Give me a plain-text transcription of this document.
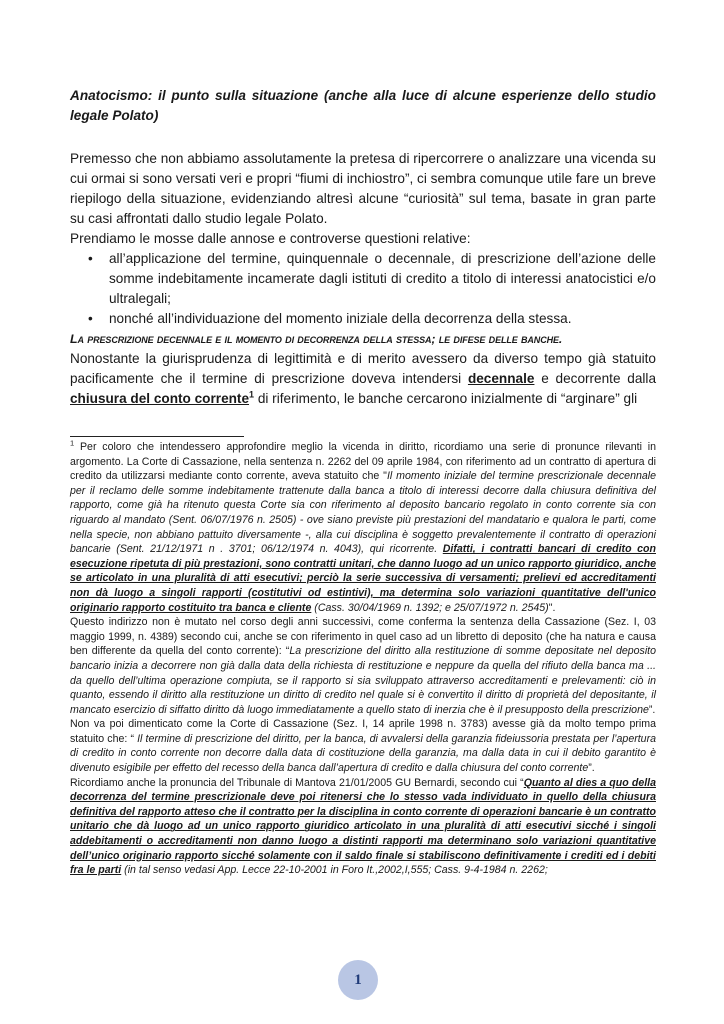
Anatocismo: il punto sulla situazione (anche alla luce di alcune esperienze dello studio legale Polato)

Premesso che non abbiamo assolutamente la pretesa di ripercorrere o analizzare una vicenda su cui ormai si sono versati veri e propri “fiumi di inchiostro”, ci sembra comunque utile fare un breve riepilogo della situazione, evidenziando altresì alcune “curiosità” sul tema, basate in gran parte su casi affrontati dallo studio legale Polato.

Prendiamo le mosse dalle annose e controverse questioni relative:

• all’applicazione del termine, quinquennale o decennale, di prescrizione dell’azione delle somme indebitamente incamerate dagli istituti di credito a titolo di interessi anatocistici e/o ultralegali;
• nonché all’individuazione del momento iniziale della decorrenza della stessa.

La prescrizione decennale e il momento di decorrenza della stessa; le difese delle banche.

Nonostante la giurisprudenza di legittimità e di merito avessero da diverso tempo già statuito pacificamente che il termine di prescrizione doveva intendersi decennale e decorrente dalla chiusura del conto corrente$^1$ di riferimento, le banche cercarono inizialmente di “arginare” gli

$^1$ Per coloro che intendessero approfondire meglio la vicenda in diritto, ricordiamo una serie di pronunce rilevanti in argomento. La Corte di Cassazione, nella sentenza n. 2262 del 09 aprile 1984, con riferimento ad un contratto di apertura di credito da utilizzarsi mediante conto corrente, aveva statuito che "Il momento iniziale del termine prescrizionale decennale per il reclamo delle somme indebitamente trattenute dalla banca a titolo di interessi decorre dalla chiusura definitiva del rapporto, come già ha ritenuto questa Corte sia con riferimento al deposito bancario regolato in conto corrente sia con riguardo al mandato (Sent. 06/07/1976 n. 2505) - ove siano previste più prestazioni del mandatario e qualora le parti, come nella specie, non abbiano pattuito diversamente -, alla cui disciplina è soggetto prevalentemente il contratto di operazioni bancarie (Sent. 21/12/1971 n . 3701; 06/12/1974 n. 4043), qui ricorrente. Difatti, i contratti bancari di credito con esecuzione ripetuta di più prestazioni, sono contratti unitari, che danno luogo ad un unico rapporto giuridico, anche se articolato in una pluralità di atti esecutivi; perciò la serie successiva di versamenti; prelievi ed accreditamenti non dà luogo a singoli rapporti (costitutivi od estintivi), ma determina solo variazioni quantitative dell'unico originario rapporto costituito tra banca e cliente (Cass. 30/04/1969 n. 1392; e 25/07/1972 n. 2545)".

Questo indirizzo non è mutato nel corso degli anni successivi, come conferma la sentenza della Cassazione (Sez. I, 03 maggio 1999, n. 4389) secondo cui, anche se con riferimento in quel caso ad un libretto di deposito (che ha natura e causa ben differente da quella del conto corrente): “La prescrizione del diritto alla restituzione di somme depositate nel deposito bancario inizia a decorrere non già dalla data della richiesta di restituzione e neppure da quella del rifiuto della banca ma ... da quello dell’ultima operazione compiuta, se il rapporto si sia sviluppato attraverso accreditamenti e prelevamenti: ciò in quanto, essendo il diritto alla restituzione un diritto di credito nel quale si è convertito il diritto di proprietà del depositante, il mancato esercizio di siffatto diritto dà luogo immediatamente a quello stato di inerzia che è il presupposto della prescrizione”.

Non va poi dimenticato come la Corte di Cassazione (Sez. I, 14 aprile 1998 n. 3783) avesse già da molto tempo prima statuito che: “ Il termine di prescrizione del diritto, per la banca, di avvalersi della garanzia fideiussoria prestata per l’apertura di credito in conto corrente non decorre dalla data di costituzione della garanzia, ma dalla data in cui il debito garantito è divenuto esigibile per effetto del recesso della banca dall’apertura di credito e dalla chiusura del conto corrente”.

Ricordiamo anche la pronuncia del Tribunale di Mantova 21/01/2005 GU Bernardi, secondo cui “Quanto al dies a quo della decorrenza del termine prescrizionale deve poi ritenersi che lo stesso vada individuato in quello della chiusura definitiva del rapporto atteso che il contratto per la disciplina in conto corrente di operazioni bancarie è un contratto unitario che dà luogo ad un unico rapporto giuridico articolato in una pluralità di atti esecutivi sicché i singoli addebitamenti o accreditamenti non danno luogo a distinti rapporti ma determinano solo variazioni quantitative dell’unico originario rapporto sicché solamente con il saldo finale si stabiliscono definitivamente i crediti ed i debiti fra le parti (in tal senso vedasi App. Lecce 22-10-2001 in Foro It.,2002,I,555; Cass. 9-4-1984 n. 2262;

1
